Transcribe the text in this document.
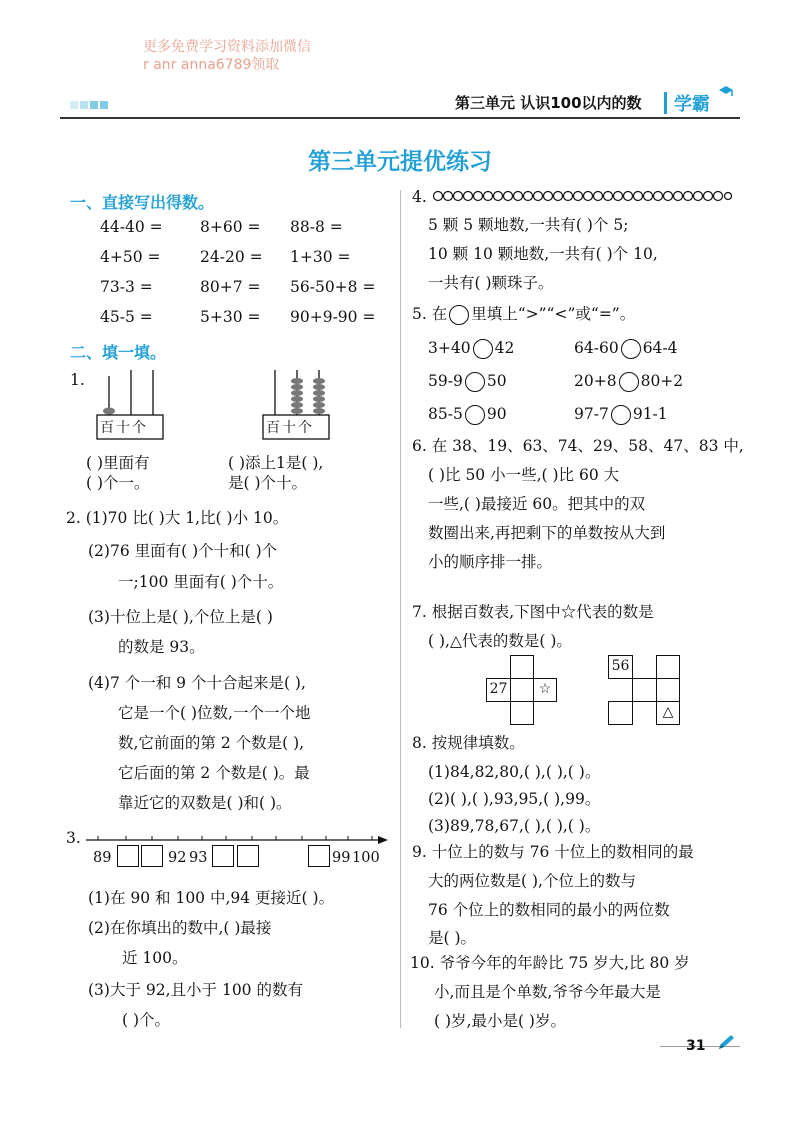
更多免费学习资料添加微信
r anr anna6789领取
第三单元 认识100以内的数 学霸
第三单元提优练习
一、直接写出得数。
44-40 = 8+60 = 88-8 =
4+50 =	24-20 = 1+30 =
73-3 =	80+7 = 56-50+8 =
45-5 =	5+30 = 90+9-90 =
二、填一填。
1.
百十个	百十个
( )里面有
( )个一。
( )添上1是( ),
是( )个十。
2. (1)70 比( )大 1,比( )小 10。
(2)76 里面有( )个十和( )个
一;100 里面有( )个十。
(3)十位上是( ),个位上是( )
的数是 93。
(4)7 个一和 9 个十合起来是( ),
它是一个( )位数,一个一个地
数,它前面的第 2 个数是( ),
它后面的第 2 个数是( )。最
靠近它的双数是( )和( )。
3.
89	92 93	99 100
(1)在 90 和 100 中,94 更接近( )。
(2)在你填出的数中,( )最接
近 100。
(3)大于 92,且小于 100 的数有
( )个。
4.
5 颗 5 颗地数,一共有( )个 5;
10 颗 10 颗地数,一共有( )个 10,
一共有( )颗珠子。
5. 在 里填上“>”“<”或“=”。
3+40 42	64-60 64-4
59-9 50	20+8 80+2
85-5 90	97-7 91-1
6. 在 38、19、63、74、29、58、47、83 中,
( )比 50 小一些,( )比 60 大
一些,( )最接近 60。把其中的双
数圈出来,再把剩下的单数按从大到
小的顺序排一排。
7. 根据百数表,下图中☆代表的数是
( ),△代表的数是( )。
27	☆
56
△
8. 按规律填数。
(1)84,82,80,( ),( ),( )。
(2)( ),( ),93,95,( ),99。
(3)89,78,67,( ),( ),( )。
9. 十位上的数与 76 十位上的数相同的最
大的两位数是( ),个位上的数与
76 个位上的数相同的最小的两位数
是( )。
10. 爷爷今年的年龄比 75 岁大,比 80 岁
小,而且是个单数,爷爷今年最大是
( )岁,最小是( )岁。
31
